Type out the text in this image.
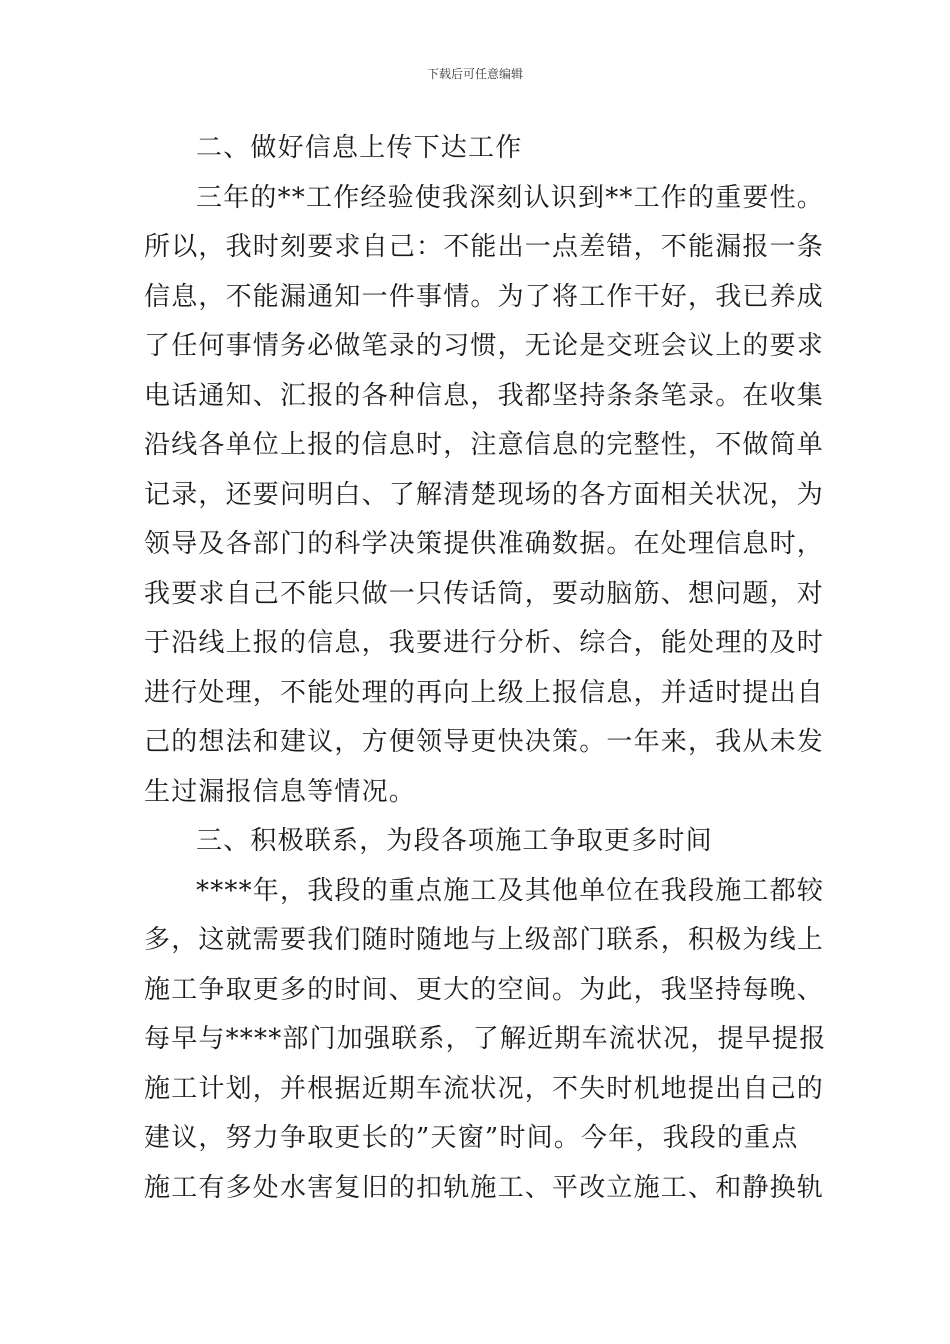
下载后可任意编辑
二、做好信息上传下达工作
三年的**工作经验使我深刻认识到**工作的重要性。
所以，我时刻要求自己：不能出一点差错，不能漏报一条
信息，不能漏通知一件事情。为了将工作干好，我已养成
了任何事情务必做笔录的习惯，无论是交班会议上的要求
电话通知、汇报的各种信息，我都坚持条条笔录。在收集
沿线各单位上报的信息时，注意信息的完整性，不做简单
记录，还要问明白、了解清楚现场的各方面相关状况，为
领导及各部门的科学决策提供准确数据。在处理信息时，
我要求自己不能只做一只传话筒，要动脑筋、想问题，对
于沿线上报的信息，我要进行分析、综合，能处理的及时
进行处理，不能处理的再向上级上报信息，并适时提出自
己的想法和建议，方便领导更快决策。一年来，我从未发
生过漏报信息等情况。
三、积极联系，为段各项施工争取更多时间
****年，我段的重点施工及其他单位在我段施工都较
多，这就需要我们随时随地与上级部门联系，积极为线上
施工争取更多的时间、更大的空间。为此，我坚持每晚、
每早与****部门加强联系，了解近期车流状况，提早提报
施工计划，并根据近期车流状况，不失时机地提出自己的
建议，努力争取更长的”天窗”时间。今年，我段的重点
施工有多处水害复旧的扣轨施工、平改立施工、和静换轨
